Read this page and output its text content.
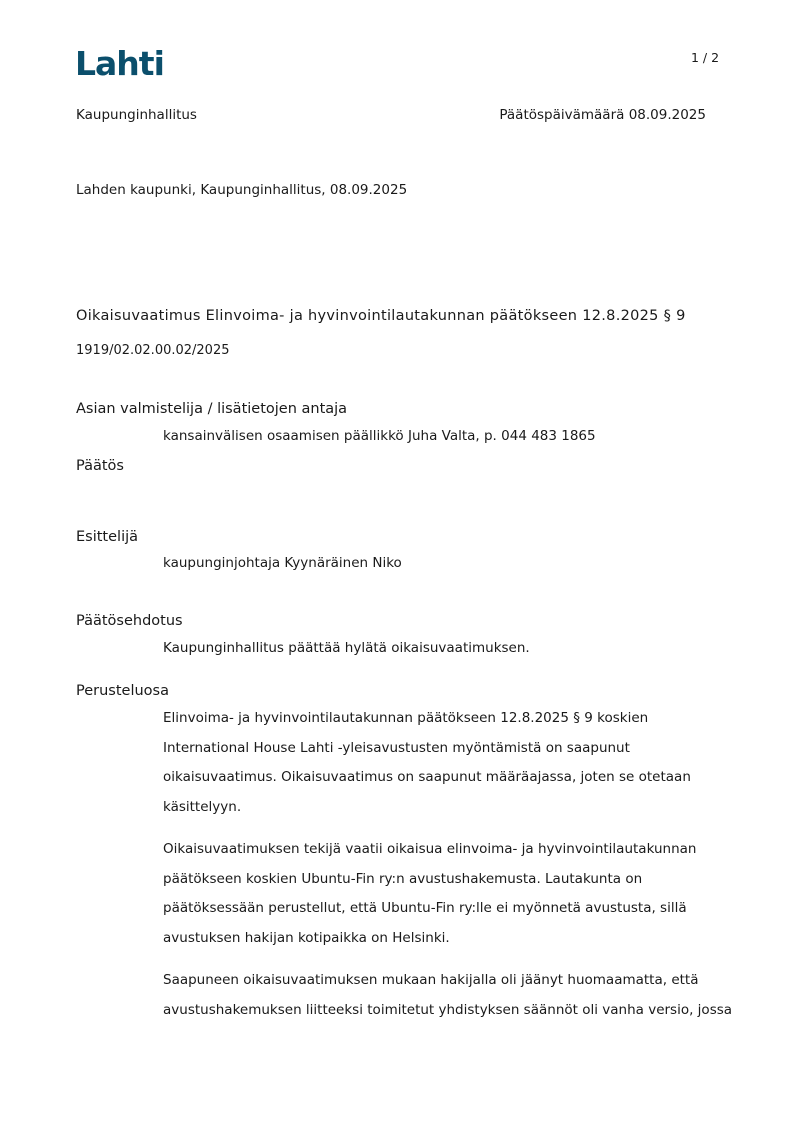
Lahti	1 / 2
Kaupunginhallitus	Päätöspäivämäärä 08.09.2025
Lahden kaupunki, Kaupunginhallitus, 08.09.2025
Oikaisuvaatimus Elinvoima- ja hyvinvointilautakunnan päätökseen 12.8.2025 § 9
1919/02.02.00.02/2025
Asian valmistelija / lisätietojen antaja
kansainvälisen osaamisen päällikkö Juha Valta, p. 044 483 1865
Päätös
Esittelijä
kaupunginjohtaja Kyynäräinen Niko
Päätösehdotus
Kaupunginhallitus päättää hylätä oikaisuvaatimuksen.
Perusteluosa
Elinvoima- ja hyvinvointilautakunnan päätökseen 12.8.2025 § 9 koskien
International House Lahti -yleisavustusten myöntämistä on saapunut
oikaisuvaatimus. Oikaisuvaatimus on saapunut määräajassa, joten se otetaan
käsittelyyn.
Oikaisuvaatimuksen tekijä vaatii oikaisua elinvoima- ja hyvinvointilautakunnan
päätökseen koskien Ubuntu-Fin ry:n avustushakemusta. Lautakunta on
päätöksessään perustellut, että Ubuntu-Fin ry:lle ei myönnetä avustusta, sillä
avustuksen hakijan kotipaikka on Helsinki.
Saapuneen oikaisuvaatimuksen mukaan hakijalla oli jäänyt huomaamatta, että
avustushakemuksen liitteeksi toimitetut yhdistyksen säännöt oli vanha versio, jossa
